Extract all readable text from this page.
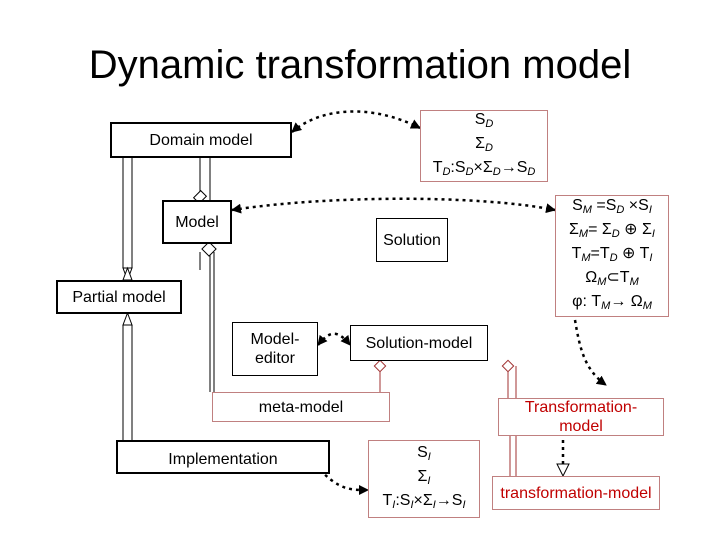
Dynamic transformation model
Domain model
$S_D$
$\Sigma_D$
$T_D:S_D\times\Sigma_D\to S_D$
Model
Solution
$S_M =S_D \times S_I$
$\Sigma_M= \Sigma_D$ ⊕ $\Sigma_I$
$T_M=T_D$ ⊕ $T_I$
$\Omega_M\subset T_M$
φ: $T_M\to \Omega_M$
Partial model
Model-
editor
Solution-model
meta-model	Transformation-
model
Implementation	$S_I$
$\Sigma_I$
$T_I:S_I\times\Sigma_I\to S_I$
transformation-model
